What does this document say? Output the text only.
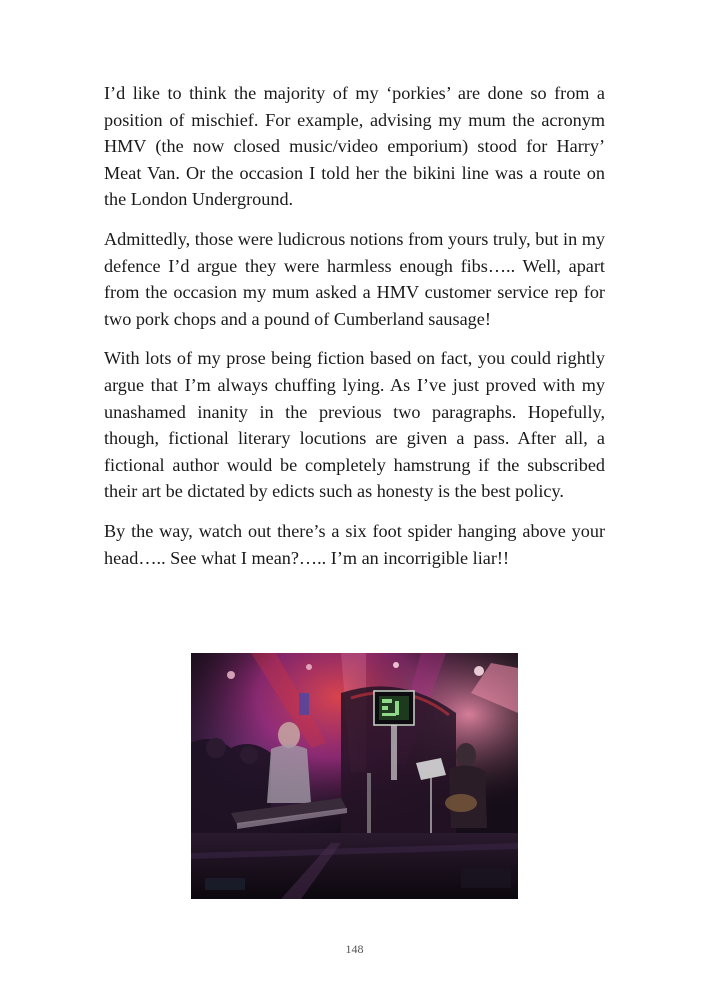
I’d like to think the majority of my ‘porkies’ are done so from a position of mischief. For example, advising my mum the acronym HMV (the now closed music/video emporium) stood for Harry’ Meat Van. Or the occasion I told her the bikini line was a route on the London Underground.

Admittedly, those were ludicrous notions from yours truly, but in my defence I’d argue they were harmless enough fibs….. Well, apart from the occasion my mum asked a HMV customer service rep for two pork chops and a pound of Cumberland sausage!

With lots of my prose being fiction based on fact, you could rightly argue that I’m always chuffing lying. As I’ve just proved with my unashamed inanity in the previous two paragraphs. Hopefully, though, fictional literary locutions are given a pass. After all, a fictional author would be completely hamstrung if the subscribed their art be dictated by edicts such as honesty is the best policy.

By the way, watch out there’s a six foot spider hanging above your head….. See what I mean?….. I’m an incorrigible liar!!

148
